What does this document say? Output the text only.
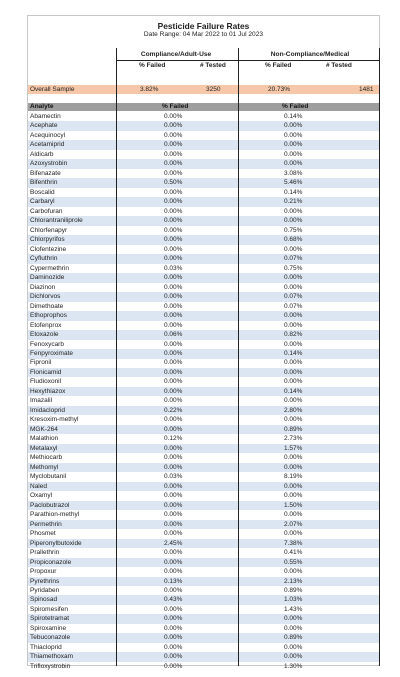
Pesticide Failure Rates
Date Range: 04 Mar 2022 to 01 Jul 2023
Compliance/Adult-Use	Non-Compliance/Medical
% Failed	# Tested	% Failed	# Tested
Overall Sample	3.82%	3250	20.73%	1481
Analyte	% Failed	% Failed
Abamectin	0.00%	0.14%
Acephate	0.00%	0.00%
Acequinocyl	0.00%	0.00%
Acetamiprid	0.00%	0.00%
Aldicarb	0.00%	0.00%
Azoxystrobin	0.00%	0.00%
Bifenazate	0.00%	3.08%
Bifenthrin	0.50%	5.46%
Boscalid	0.00%	0.14%
Carbaryl	0.00%	0.21%
Carbofuran	0.00%	0.00%
Chlorantraniliprole	0.00%	0.00%
Chlorfenapyr	0.00%	0.75%
Chlorpyrifos	0.00%	0.68%
Clofentezine	0.00%	0.00%
Cyfluthrin	0.00%	0.07%
Cypermethrin	0.03%	0.75%
Daminozide	0.00%	0.00%
Diazinon	0.00%	0.00%
Dichlorvos	0.00%	0.07%
Dimethoate	0.00%	0.07%
Ethoprophos	0.00%	0.00%
Etofenprox	0.00%	0.00%
Etoxazole	0.06%	0.82%
Fenoxycarb	0.00%	0.00%
Fenpyroximate	0.00%	0.14%
Fipronil	0.00%	0.00%
Flonicamid	0.00%	0.00%
Fludioxonil	0.00%	0.00%
Hexythiazox	0.00%	0.14%
Imazalil	0.00%	0.00%
Imidacloprid	0.22%	2.80%
Kresoxim-methyl	0.00%	0.00%
MGK-264	0.00%	0.89%
Malathion	0.12%	2.73%
Metalaxyl	0.00%	1.57%
Methiocarb	0.00%	0.00%
Methomyl	0.00%	0.00%
Myclobutanil	0.03%	8.19%
Naled	0.00%	0.00%
Oxamyl	0.00%	0.00%
Paclobutrazol	0.00%	1.50%
Parathion-methyl	0.00%	0.00%
Permethrin	0.00%	2.07%
Phosmet	0.00%	0.00%
Piperonylbutoxide	2.45%	7.38%
Prallethrin	0.00%	0.41%
Propiconazole	0.00%	0.55%
Propoxur	0.00%	0.00%
Pyrethrins	0.13%	2.13%
Pyridaben	0.00%	0.89%
Spinosad	0.43%	1.03%
Spiromesifen	0.00%	1.43%
Spirotetramat	0.00%	0.00%
Spiroxamine	0.00%	0.00%
Tebuconazole	0.00%	0.89%
Thiacloprid	0.00%	0.00%
Thiamethoxam	0.00%	0.00%
Trifloxystrobin	0.00%	1.30%
